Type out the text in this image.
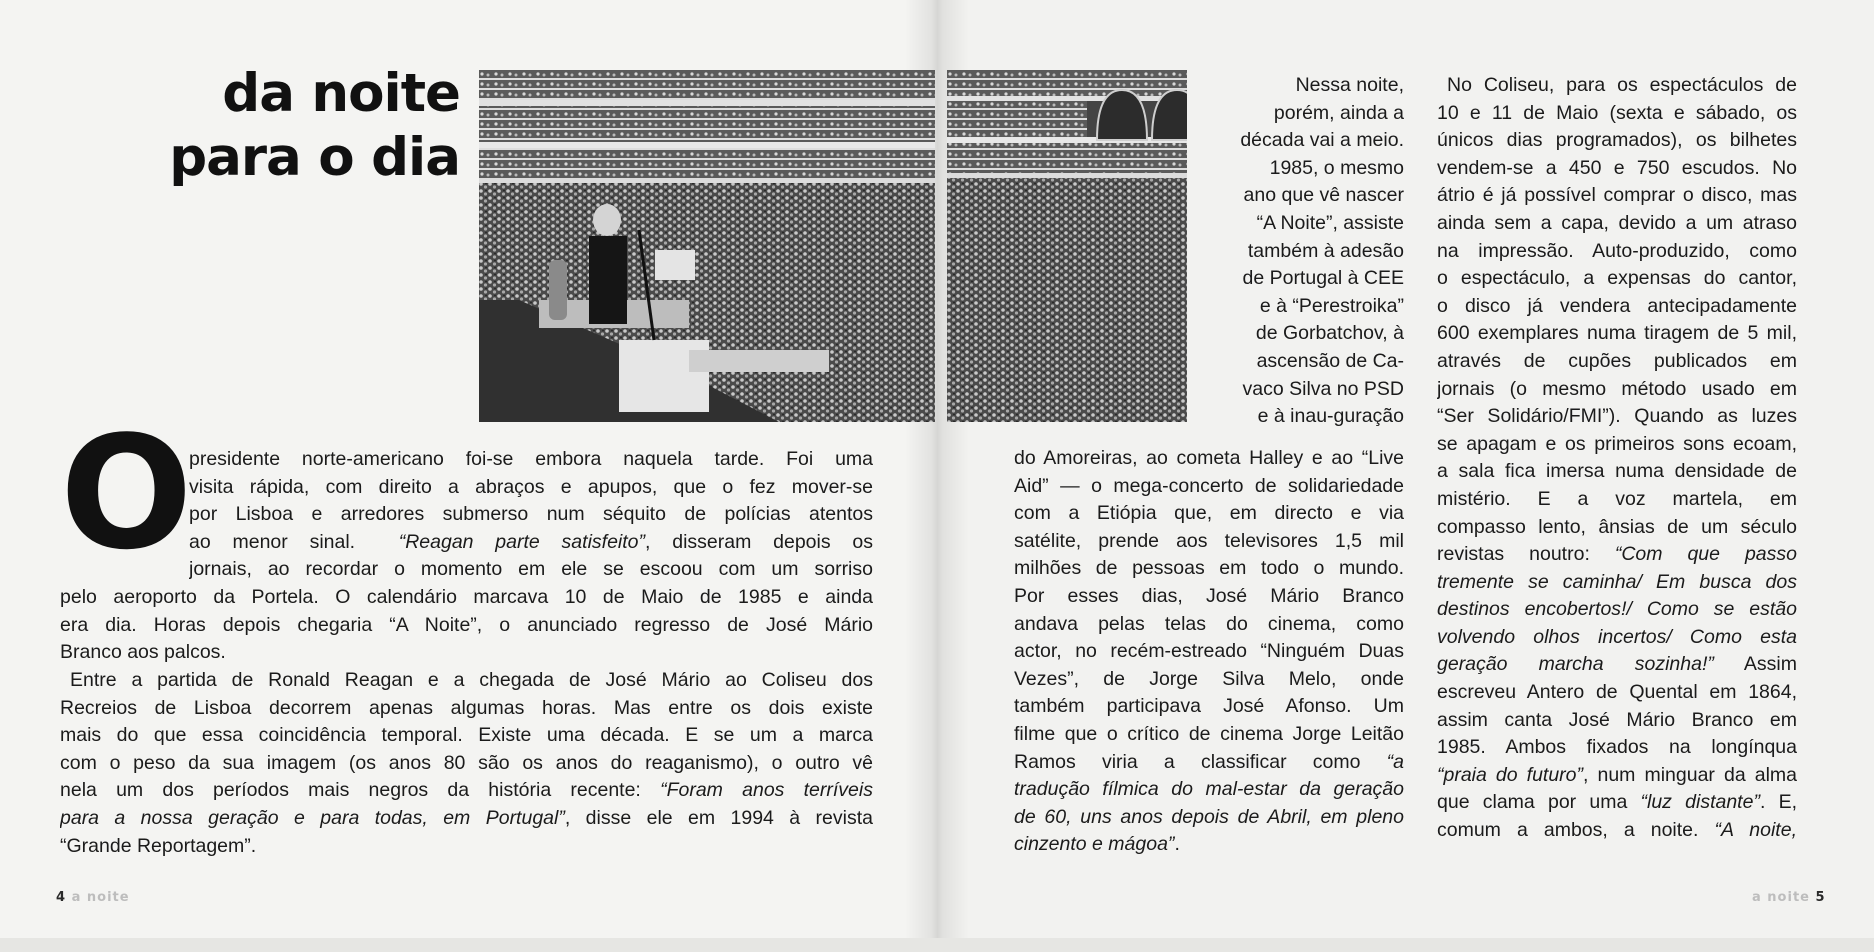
da noite
para o dia
O presidente norte-americano foi-se embora naquela tarde. Foi uma
visita rápida, com direito a abraços e apupos, que o fez mover-se
por Lisboa e arredores submerso num séquito de polícias atentos
ao menor sinal. “Reagan parte satisfeito”, disseram depois os
jornais, ao recordar o momento em ele se escoou com um sorriso
pelo aeroporto da Portela. O calendário marcava 10 de Maio de 1985 e ainda
era dia. Horas depois chegaria “A Noite”, o anunciado regresso de José Mário
Branco aos palcos.
Entre a partida de Ronald Reagan e a chegada de José Mário ao Coliseu dos
Recreios de Lisboa decorrem apenas algumas horas. Mas entre os dois existe
mais do que essa coincidência temporal. Existe uma década. E se um a marca
com o peso da sua imagem (os anos 80 são os anos do reaganismo), o outro vê
nela um dos períodos mais negros da história recente: “Foram anos terríveis
para a nossa geração e para todas, em Portugal”, disse ele em 1994 à revista
“Grande Reportagem”.
Nessa noite,
porém, ainda a
década vai a meio.
1985, o mesmo
ano que vê nascer
“A Noite”, assiste
também à adesão
de Portugal à CEE
e à “Perestroika”
de Gorbatchov, à
ascensão de Ca-
vaco Silva no PSD
e à inau-guração
do Amoreiras, ao cometa Halley e ao “Live
Aid” — o mega-concerto de solidariedade
com a Etiópia que, em directo e via
satélite, prende aos televisores 1,5 mil
milhões de pessoas em todo o mundo.
Por esses dias, José Mário Branco
andava pelas telas do cinema, como
actor, no recém-estreado “Ninguém Duas
Vezes”, de Jorge Silva Melo, onde
também participava José Afonso. Um
filme que o crítico de cinema Jorge Leitão
Ramos viria a classificar como “a
tradução fílmica do mal-estar da geração
de 60, uns anos depois de Abril, em pleno
cinzento e mágoa”.
No Coliseu, para os espectáculos de
10 e 11 de Maio (sexta e sábado, os
únicos dias programados), os bilhetes
vendem-se a 450 e 750 escudos. No
átrio é já possível comprar o disco, mas
ainda sem a capa, devido a um atraso
na impressão. Auto-produzido, como
o espectáculo, a expensas do cantor,
o disco já vendera antecipadamente
600 exemplares numa tiragem de 5 mil,
através de cupões publicados em
jornais (o mesmo método usado em
“Ser Solidário/FMI”). Quando as luzes
se apagam e os primeiros sons ecoam,
a sala fica imersa numa densidade de
mistério. E a voz martela, em
compasso lento, ânsias de um século
revistas noutro: “Com que passo
tremente se caminha/ Em busca dos
destinos encobertos!/ Como se estão
volvendo olhos incertos/ Como esta
geração marcha sozinha!” Assim
escreveu Antero de Quental em 1864,
assim canta José Mário Branco em
1985. Ambos fixados na longínqua
“praia do futuro”, num minguar da alma
que clama por uma “luz distante”. E,
comum a ambos, a noite. “A noite,
4 a noite	a noite 5
